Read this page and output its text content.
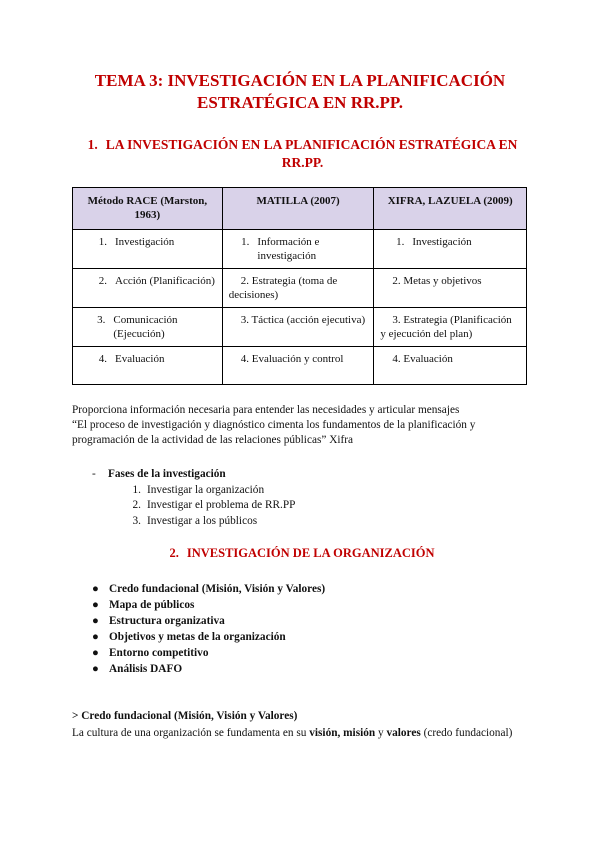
TEMA 3: INVESTIGACIÓN EN LA PLANIFICACIÓN ESTRATÉGICA EN RR.PP.
1. LA INVESTIGACIÓN EN LA PLANIFICACIÓN ESTRATÉGICA EN RR.PP.
Método RACE (Marston, 1963)	MATILLA (2007)	XIFRA, LAZUELA (2009)

1. Investigación	1. Información e investigación	1. Investigación

2. Acción (Planificación)	2. Estrategia (toma de decisiones)	2. Metas y objetivos

3. Comunicación (Ejecución)	3. Táctica (acción ejecutiva)	3. Estrategia (Planificación y ejecución del plan)

4. Evaluación	4. Evaluación y control	4. Evaluación
Proporciona información necesaria para entender las necesidades y articular mensajes
“El proceso de investigación y diagnóstico cimenta los fundamentos de la planificación y programación de la actividad de las relaciones públicas” Xifra
- Fases de la investigación
1. Investigar la organización
2. Investigar el problema de RR.PP
3. Investigar a los públicos
2. INVESTIGACIÓN DE LA ORGANIZACIÓN
● Credo fundacional (Misión, Visión y Valores)
● Mapa de públicos
● Estructura organizativa
● Objetivos y metas de la organización
● Entorno competitivo
● Análisis DAFO
> Credo fundacional (Misión, Visión y Valores)
La cultura de una organización se fundamenta en su visión, misión y valores (credo fundacional)
